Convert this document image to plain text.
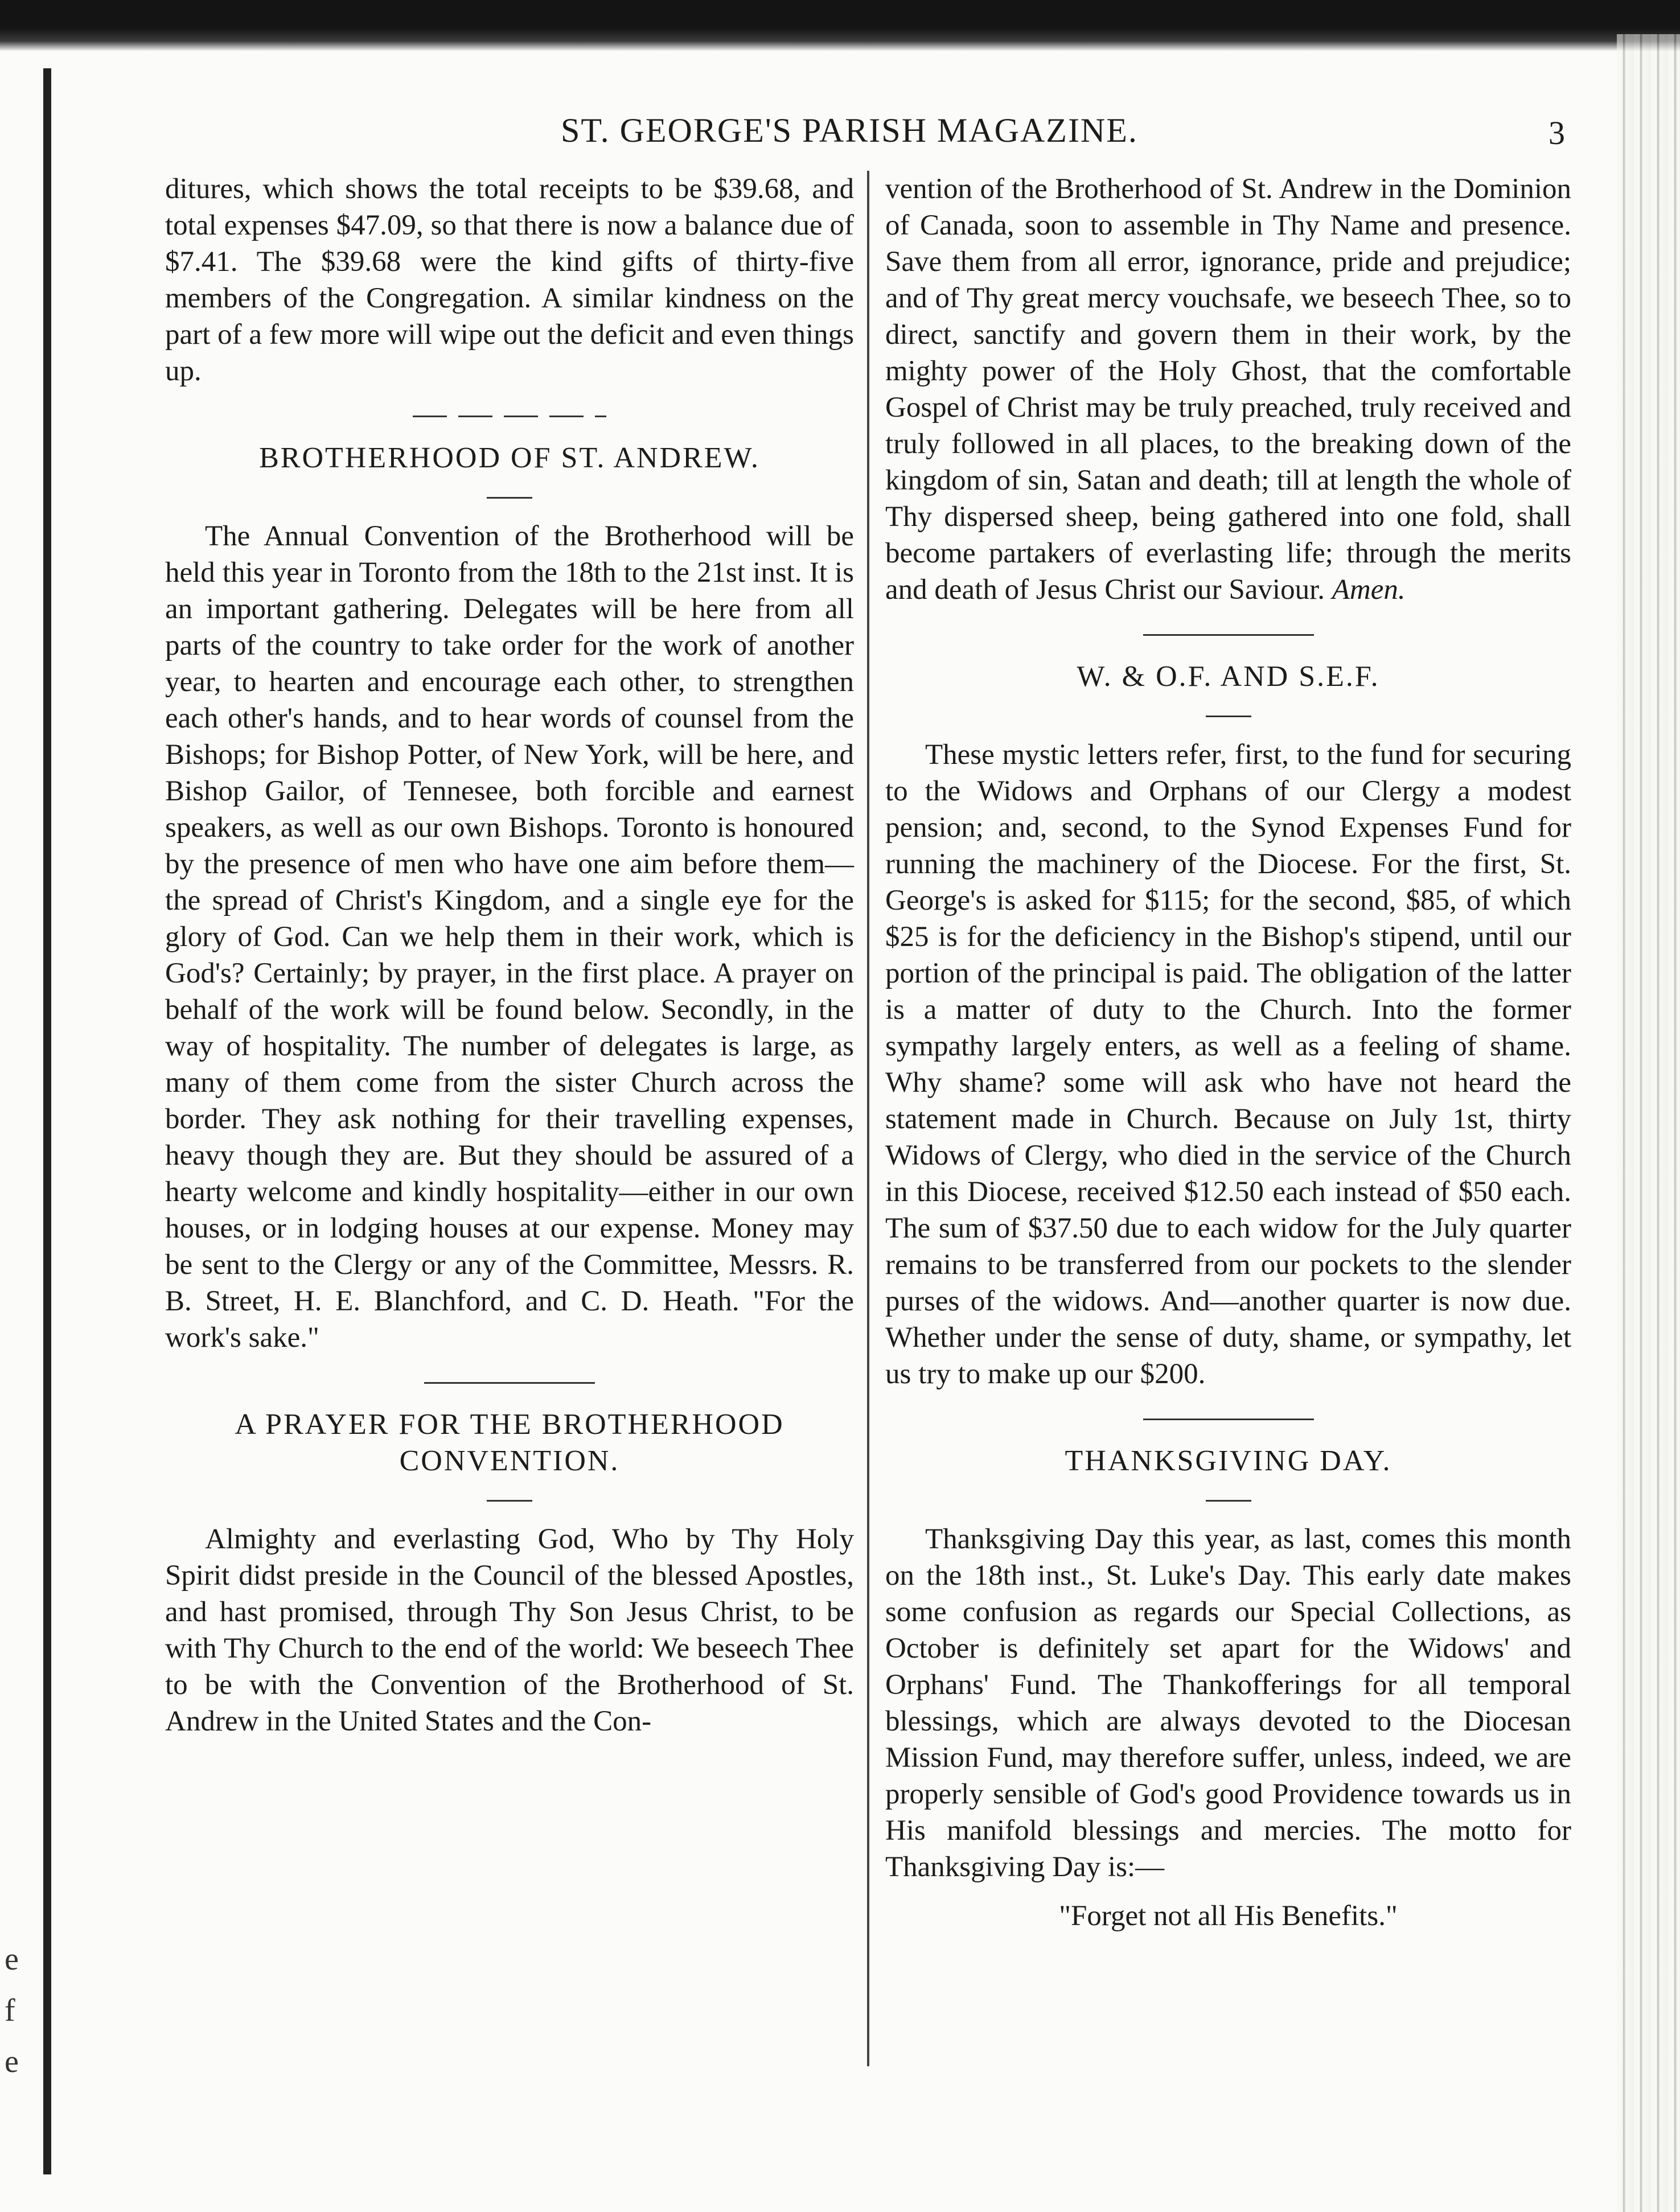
e
f
e
ST. GEORGE'S PARISH MAGAZINE.	3

ditures, which shows the total receipts to be $39.68, and total expenses $47.09, so that there is now a balance due of $7.41. The $39.68 were the kind gifts of thirty-five members of the Congregation. A similar kindness on the part of a few more will wipe out the deficit and even things up.

BROTHERHOOD OF ST. ANDREW.

The Annual Convention of the Brotherhood will be held this year in Toronto from the 18th to the 21st inst. It is an important gathering. Delegates will be here from all parts of the country to take order for the work of another year, to hearten and encourage each other, to strengthen each other's hands, and to hear words of counsel from the Bishops; for Bishop Potter, of New York, will be here, and Bishop Gailor, of Tennesee, both forcible and earnest speakers, as well as our own Bishops. Toronto is honoured by the presence of men who have one aim before them—the spread of Christ's Kingdom, and a single eye for the glory of God. Can we help them in their work, which is God's? Certainly; by prayer, in the first place. A prayer on behalf of the work will be found below. Secondly, in the way of hospitality. The number of delegates is large, as many of them come from the sister Church across the border. They ask nothing for their travelling expenses, heavy though they are. But they should be assured of a hearty welcome and kindly hospitality—either in our own houses, or in lodging houses at our expense. Money may be sent to the Clergy or any of the Committee, Messrs. R. B. Street, H. E. Blanchford, and C. D. Heath. "For the work's sake."

A PRAYER FOR THE BROTHERHOOD CONVENTION.

Almighty and everlasting God, Who by Thy Holy Spirit didst preside in the Council of the blessed Apostles, and hast promised, through Thy Son Jesus Christ, to be with Thy Church to the end of the world: We beseech Thee to be with the Convention of the Brotherhood of St. Andrew in the United States and the Con-

vention of the Brotherhood of St. Andrew in the Dominion of Canada, soon to assemble in Thy Name and presence. Save them from all error, ignorance, pride and prejudice; and of Thy great mercy vouchsafe, we beseech Thee, so to direct, sanctify and govern them in their work, by the mighty power of the Holy Ghost, that the comfortable Gospel of Christ may be truly preached, truly received and truly followed in all places, to the breaking down of the kingdom of sin, Satan and death; till at length the whole of Thy dispersed sheep, being gathered into one fold, shall become partakers of everlasting life; through the merits and death of Jesus Christ our Saviour. Amen.

W. & O.F. AND S.E.F.

These mystic letters refer, first, to the fund for securing to the Widows and Orphans of our Clergy a modest pension; and, second, to the Synod Expenses Fund for running the machinery of the Diocese. For the first, St. George's is asked for $115; for the second, $85, of which $25 is for the deficiency in the Bishop's stipend, until our portion of the principal is paid. The obligation of the latter is a matter of duty to the Church. Into the former sympathy largely enters, as well as a feeling of shame. Why shame? some will ask who have not heard the statement made in Church. Because on July 1st, thirty Widows of Clergy, who died in the service of the Church in this Diocese, received $12.50 each instead of $50 each. The sum of $37.50 due to each widow for the July quarter remains to be transferred from our pockets to the slender purses of the widows. And—another quarter is now due. Whether under the sense of duty, shame, or sympathy, let us try to make up our $200.

THANKSGIVING DAY.

Thanksgiving Day this year, as last, comes this month on the 18th inst., St. Luke's Day. This early date makes some confusion as regards our Special Collections, as October is definitely set apart for the Widows' and Orphans' Fund. The Thankofferings for all temporal blessings, which are always devoted to the Diocesan Mission Fund, may therefore suffer, unless, indeed, we are properly sensible of God's good Providence towards us in His manifold blessings and mercies. The motto for Thanksgiving Day is:—

"Forget not all His Benefits."
